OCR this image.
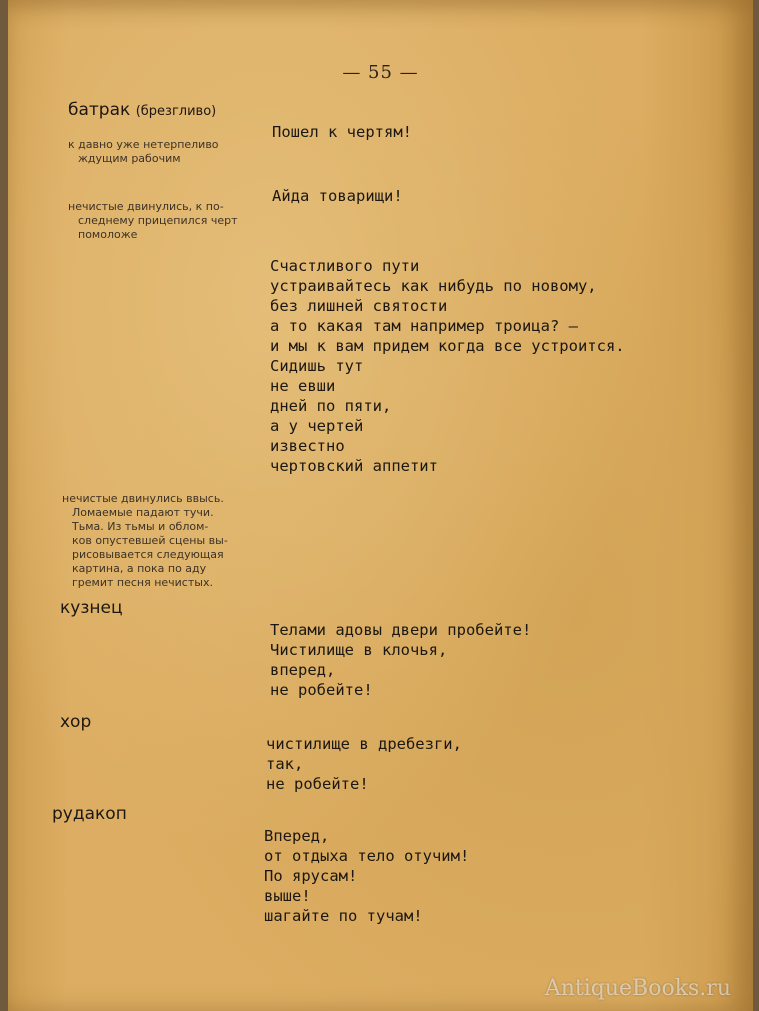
— 55 —
батрак (брезгливо)
к давно уже нетерпеливо
ждущим рабочим
нечистые двинулись, к по-
следнему прицепился черт
помоложе
Пошел к чертям!
Айда товарищи!
Счастливого пути
устраивайтесь как нибудь по новому,
без лишней святости
а то какая там например троица? —
и мы к вам придем когда все устроится.
Сидишь тут
не евши
дней по пяти,
а у чертей
известно
чертовский аппетит
нечистые двинулись ввысь.
Ломаемые падают тучи.
Тьма. Из тьмы и облом-
ков опустевшей сцены вы-
рисовывается следующая
картина, а пока по аду
гремит песня нечистых.
кузнец
Телами адовы двери пробейте!
Чистилище в клочья,
вперед,
не робейте!
хор
чистилище в дребезги,
так,
не робейте!
рудакоп
Вперед,
от отдыха тело отучим!
По ярусам!
выше!
шагайте по тучам!
AntiqueBooks.ru
